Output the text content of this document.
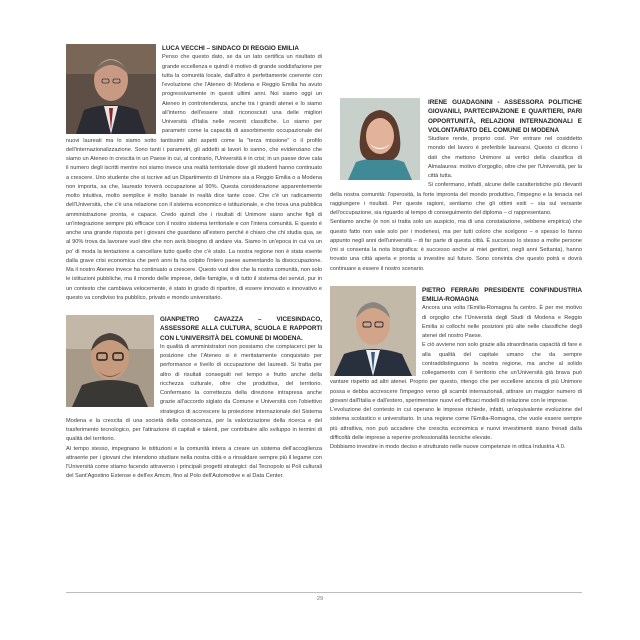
LUCA VECCHI – SINDACO DI REGGIO EMILIA
Penso che questo dato, se da un lato certifica un risultato di grande eccellenza e quindi è motivo di grande soddisfazione per tutta la comunità locale, dall'altro è perfettamente coerente con l'evoluzione che l'Ateneo di Modena e Reggio Emilia ha avuto progressivamente in questi ultimi anni. Noi siamo oggi un Ateneo in controtendenza, anche tra i grandi atenei e lo siamo all'interno dell'essere stati riconosciuti una delle migliori Università d'Italia nelle recenti classifiche. Lo siamo per parametri come la capacità di assorbimento occupazionale dei nuovi laureati ma lo siamo sotto tantissimi altri aspetti come la "terza missione" o il profilo dell'internazionalizzazione. Sono tanti i parametri, gli addetti ai lavori lo sanno, che evidenziano che siamo un Ateneo in crescita in un Paese in cui, al contrario, l'Università è in crisi; in un paese dove cala il numero degli iscritti mentre noi siamo invece una realtà territoriale dove gli studenti hanno continuato a crescere. Uno studente che si iscrive ad un Dipartimento di Unimore sia a Reggio Emilia o a Modena non importa, sa che, laureato troverà occupazione al 90%. Questa considerazione apparentemente molto intuitiva, molto semplice è molto banale in realtà dice tante cose. Che c'è un radicamento dell'Università, che c'è una relazione con il sistema economico e istituzionale, e che trova una pubblica amministrazione pronta, e capace. Credo quindi che i risultati di Unimore siano anche figli di un'integrazione sempre più efficace con il nostro sistema territoriale e con l'intera comunità. E questo è anche una grande risposta per i giovani che guardano all'estero perché è chiaro che chi studia qua, se al 90% trova da lavorare vuol dire che non avrà bisogno di andare via. Siamo in un'epoca in cui va un po' di moda la tentazione a cancellare tutto quello che c'è stato. La nostra regione non è stata esente dalla grave crisi economica che però anni fa ha colpito l'intero paese aumentando la disoccupazione. Ma il nostro Ateneo invece ha continuato a crescere. Questo vuol dire che la nostra comunità, non solo le istituzioni pubbliche, ma il mondo delle imprese, delle famiglie, e di tutto il sistema dei servizi, pur in un contesto che cambiava velocemente, è stato in grado di ripartire, di essere innovato e innovativo e questo va condiviso tra pubblico, privato e mondo universitario.
GIANPIETRO CAVAZZA – VICESINDACO, ASSESSORE ALLA CULTURA, SCUOLA E RAPPORTI CON L'UNIVERSITÀ DEL COMUNE DI MODENA.
In qualità di amministratori non possiamo che compiacerci per la posizione che l'Ateneo si è meritatamente conquistato per performance e livello di occupazione dei laureati. Si tratta per altro di risultati conseguiti nel tempo e frutto anche della ricchezza culturale, oltre che produttiva, del territorio. Confermano la correttezza della direzione intrapresa anche grazie all'accordo siglato da Comune e Università con l'obiettivo strategico di accrescere la proiezione internazionale del Sistema Modena e la crescita di una società della conoscenza, per la valorizzazione della ricerca e del trasferimento tecnologico, per l'attrazione di capitali e talenti, per contribuire allo sviluppo in termini di qualità del territorio.
Al tempo stesso, impegnano le istituzioni e la comunità intera a creare un sistema dell'accoglienza attraente per i giovani che intendono studiare nella nostra città e a rinsaldare sempre più il legame con l'Università come stiamo facendo attraverso i principali progetti strategici: dal Tecnopolo ai Poli culturali del Sant'Agostino Estense e dell'ex Amcm, fino al Polo dell'Automotive e al Data Center.
IRENE GUADAGNINI - ASSESSORA POLITICHE GIOVANILI, PARTECIPAZIONE E QUARTIERI, PARI OPPORTUNITÀ, RELAZIONI INTERNAZIONALI E VOLONTARIATO DEL COMUNE DI MODENA
Studiare rende, proprio così. Per entrare nel cosiddetto mondo del lavoro è preferibile laurearsi. Questo ci dicono i dati che mettono Unimore ai vertici della classifica di Almalaurea: motivo d'orgoglio, oltre che per l'Università, per la città tutta.
Si confermano, infatti, alcune delle caratteristiche più rilevanti della nostra comunità: l'operosità, la forte impronta del mondo produttivo, l'impegno e la tenacia nel raggiungere i risultati. Per queste ragioni, sentiamo che gli ottimi esiti – sia sul versante dell'occupazione, sia riguardo al tempo di conseguimento del diploma – ci rappresentano.
Sentiamo anche (e non si tratta solo un auspicio, ma di una constatazione, sebbene empirica) che questo fatto non vale solo per i modenesi, ma per tutti coloro che scelgono – e spesso lo fanno appunto negli anni dell'università – di far parte di questa città. È successo lo stesso a molte persone (mi si consenta la nota biografica: è successo anche ai miei genitori, negli anni Settanta), hanno trovato una città aperta e pronta a investire sul futuro. Sono convinta che questo potrà e dovrà continuare a essere il nostro scenario.
PIETRO FERRARI PRESIDENTE CONFINDUSTRIA EMILIA-ROMAGNA
Ancora una volta l'Emilia-Romagna fa centro. È per me motivo di orgoglio che l'Università degli Studi di Modena e Reggio Emilia si collochi nelle posizioni più alte nelle classifiche degli atenei del nostro Paese.
E ciò avviene non solo grazie alla straordinaria capacità di fare e alla qualità del capitale umano che da sempre contraddistinguono la nostra regione, ma anche al solido collegamento con il territorio che un'Università già brava può vantare rispetto ad altri atenei. Proprio per questo, ritengo che per eccellere ancora di più Unimore possa e debba accrescere l'impegno verso gli scambi internazionali, attirare un maggior numero di giovani dall'Italia e dall'estero, sperimentare nuovi ed efficaci modelli di relazione con le imprese.
L'evoluzione del contesto in cui operano le imprese richiede, infatti, un'equivalente evoluzione del sistema scolastico e universitario. In una regione come l'Emilia-Romagna, che vuole essere sempre più attrattiva, non può accadere che crescita economica e nuovi investimenti siano frenati dalla difficoltà delle imprese a reperire professionalità tecniche elevate.
Dobbiamo investire in modo deciso e strutturato nelle nuove competenze in ottica Industria 4.0.
29
